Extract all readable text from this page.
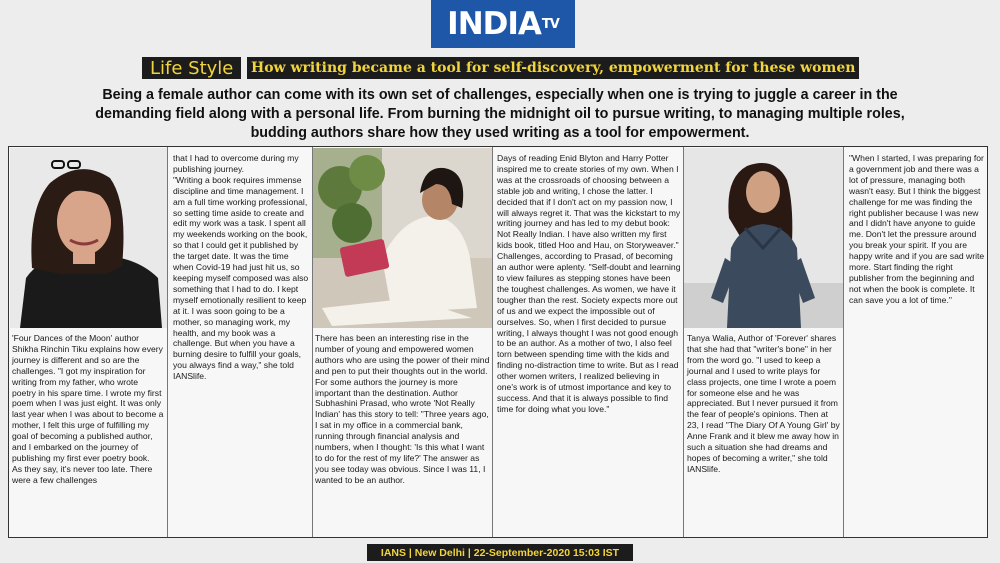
INDIA TV
Life Style	How writing became a tool for self-discovery, empowerment for these women

Being a female author can come with its own set of challenges, especially when one is trying to juggle a career in the demanding field along with a personal life. From burning the midnight oil to pursue writing, to managing multiple roles, budding authors share how they used writing as a tool for empowerment.

'Four Dances of the Moon' author Shikha Rinchin Tiku explains how every journey is different and so are the challenges. "I got my inspiration for writing from my father, who wrote poetry in his spare time. I wrote my first poem when I was just eight. It was only last year when I was about to become a mother, I felt this urge of fulfilling my goal of becoming a published author, and I embarked on the journey of publishing my first ever poetry book.

As they say, it's never too late. There were a few challenges

that I had to overcome during my publishing journey.

"Writing a book requires immense discipline and time management. I am a full time working professional, so setting time aside to create and edit my work was a task. I spent all my weekends working on the book, so that I could get it published by the target date. It was the time when Covid-19 had just hit us, so keeping myself composed was also something that I had to do. I kept myself emotionally resilient to keep at it. I was soon going to be a mother, so managing work, my health, and my book was a challenge. But when you have a burning desire to fulfill your goals, you always find a way," she told IANSlife.

There has been an interesting rise in the number of young and empowered women authors who are using the power of their mind and pen to put their thoughts out in the world. For some authors the journey is more important than the destination. Author Subhashini Prasad, who wrote 'Not Really Indian' has this story to tell: "Three years ago, I sat in my office in a commercial bank, running through financial analysis and numbers, when I thought: 'Is this what I want to do for the rest of my life?' The answer as you see today was obvious. Since I was 11, I wanted to be an author.

Days of reading Enid Blyton and Harry Potter inspired me to create stories of my own. When I was at the crossroads of choosing between a stable job and writing, I chose the latter. I decided that if I don't act on my passion now, I will always regret it. That was the kickstart to my writing journey and has led to my debut book: Not Really Indian. I have also written my first kids book, titled Hoo and Hau, on Storyweaver."

Challenges, according to Prasad, of becoming an author were aplenty. "Self-doubt and learning to view failures as stepping stones have been the toughest challenges. As women, we have it tougher than the rest. Society expects more out of us and we expect the impossible out of ourselves. So, when I first decided to pursue writing, I always thought I was not good enough to be an author. As a mother of two, I also feel torn between spending time with the kids and finding no-distraction time to write. But as I read other women writers, I realized believing in one's work is of utmost importance and key to success. And that it is always possible to find time for doing what you love."

Tanya Walia, Author of 'Forever' shares that she had that "writer's bone" in her from the word go. "I used to keep a journal and I used to write plays for class projects, one time I wrote a poem for someone else and he was appreciated. But I never pursued it from the fear of people's opinions. Then at 23, I read "The Diary Of A Young Girl' by Anne Frank and it blew me away how in such a situation she had dreams and hopes of becoming a writer," she told IANSlife.

"When I started, I was preparing for a government job and there was a lot of pressure, managing both wasn't easy. But I think the biggest challenge for me was finding the right publisher because I was new and I didn't have anyone to guide me. Don't let the pressure around you break your spirit. If you are happy write and if you are sad write more. Start finding the right publisher from the beginning and not when the book is complete. It can save you a lot of time."

IANS | New Delhi | 22-September-2020 15:03 IST
